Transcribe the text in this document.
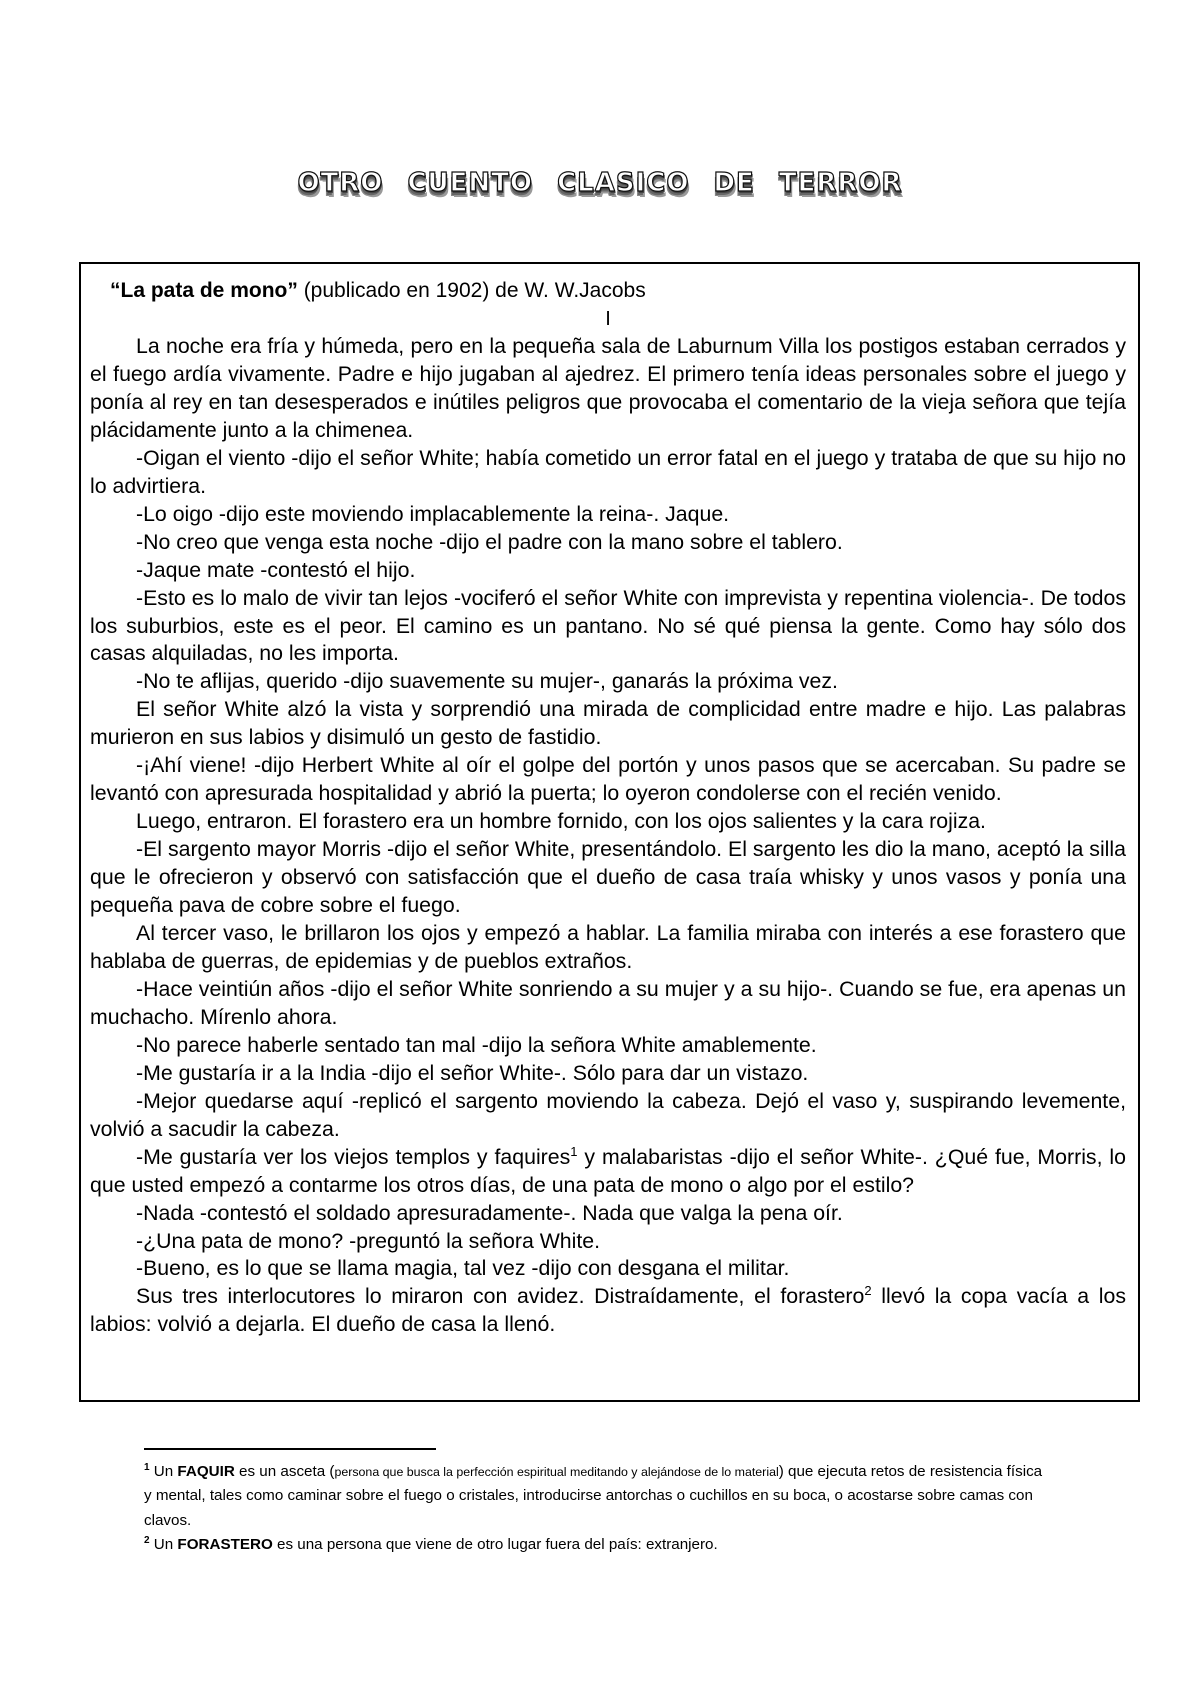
OTRO CUENTO CLASICO DE TERROR

“La pata de mono” (publicado en 1902) de W. W.Jacobs

I

La noche era fría y húmeda, pero en la pequeña sala de Laburnum Villa los postigos estaban cerrados y el fuego ardía vivamente. Padre e hijo jugaban al ajedrez. El primero tenía ideas personales sobre el juego y ponía al rey en tan desesperados e inútiles peligros que provocaba el comentario de la vieja señora que tejía plácidamente junto a la chimenea.

-Oigan el viento -dijo el señor White; había cometido un error fatal en el juego y trataba de que su hijo no lo advirtiera.

-Lo oigo -dijo este moviendo implacablemente la reina-. Jaque.

-No creo que venga esta noche -dijo el padre con la mano sobre el tablero.

-Jaque mate -contestó el hijo.

-Esto es lo malo de vivir tan lejos -vociferó el señor White con imprevista y repentina violencia-. De todos los suburbios, este es el peor. El camino es un pantano. No sé qué piensa la gente. Como hay sólo dos casas alquiladas, no les importa.

-No te aflijas, querido -dijo suavemente su mujer-, ganarás la próxima vez.

El señor White alzó la vista y sorprendió una mirada de complicidad entre madre e hijo. Las palabras murieron en sus labios y disimuló un gesto de fastidio.

-¡Ahí viene! -dijo Herbert White al oír el golpe del portón y unos pasos que se acercaban. Su padre se levantó con apresurada hospitalidad y abrió la puerta; lo oyeron condolerse con el recién venido.

Luego, entraron. El forastero era un hombre fornido, con los ojos salientes y la cara rojiza.

-El sargento mayor Morris -dijo el señor White, presentándolo. El sargento les dio la mano, aceptó la silla que le ofrecieron y observó con satisfacción que el dueño de casa traía whisky y unos vasos y ponía una pequeña pava de cobre sobre el fuego.

Al tercer vaso, le brillaron los ojos y empezó a hablar. La familia miraba con interés a ese forastero que hablaba de guerras, de epidemias y de pueblos extraños.

-Hace veintiún años -dijo el señor White sonriendo a su mujer y a su hijo-. Cuando se fue, era apenas un muchacho. Mírenlo ahora.

-No parece haberle sentado tan mal -dijo la señora White amablemente.

-Me gustaría ir a la India -dijo el señor White-. Sólo para dar un vistazo.

-Mejor quedarse aquí -replicó el sargento moviendo la cabeza. Dejó el vaso y, suspirando levemente, volvió a sacudir la cabeza.

-Me gustaría ver los viejos templos y faquires$^1$ y malabaristas -dijo el señor White-. ¿Qué fue, Morris, lo que usted empezó a contarme los otros días, de una pata de mono o algo por el estilo?

-Nada -contestó el soldado apresuradamente-. Nada que valga la pena oír.

-¿Una pata de mono? -preguntó la señora White.

-Bueno, es lo que se llama magia, tal vez -dijo con desgana el militar.

Sus tres interlocutores lo miraron con avidez. Distraídamente, el forastero$^2$ llevó la copa vacía a los labios: volvió a dejarla. El dueño de casa la llenó.

$^1$ Un FAQUIR es un asceta (persona que busca la perfección espiritual meditando y alejándose de lo material) que ejecuta retos de resistencia física y mental, tales como caminar sobre el fuego o cristales, introducirse antorchas o cuchillos en su boca, o acostarse sobre camas con clavos.

$^2$ Un FORASTERO es una persona que viene de otro lugar fuera del país: extranjero.
